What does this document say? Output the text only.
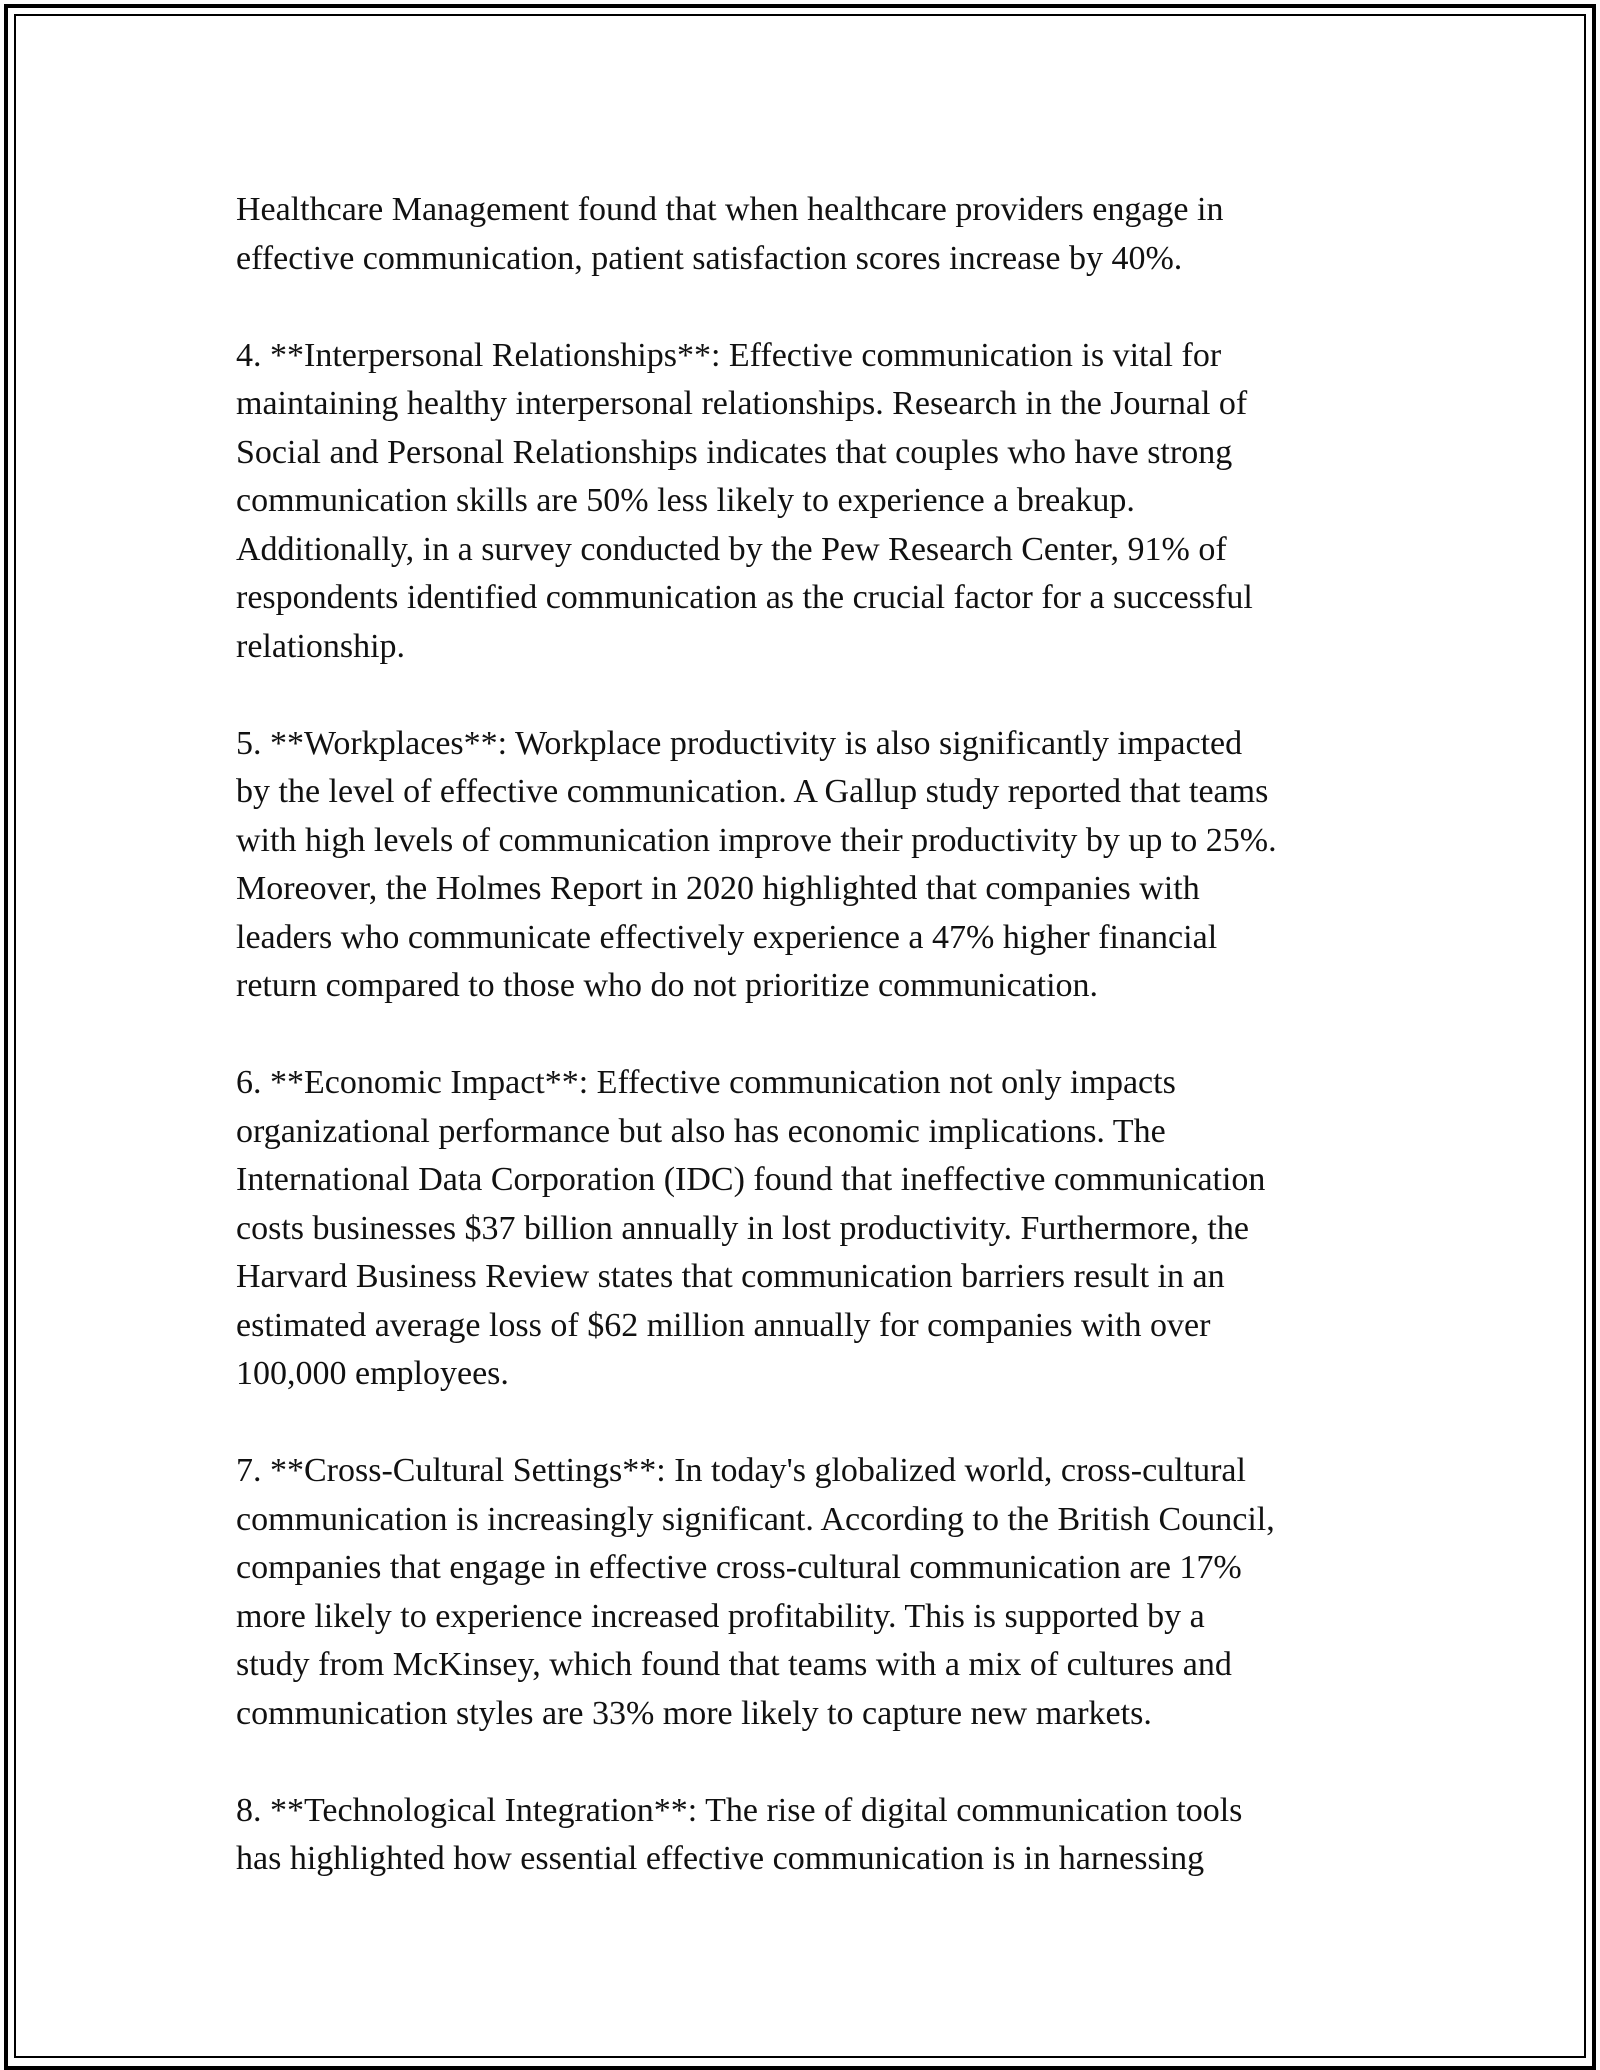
Healthcare Management found that when healthcare providers engage in
effective communication, patient satisfaction scores increase by 40%.
4. **Interpersonal Relationships**: Effective communication is vital for
maintaining healthy interpersonal relationships. Research in the Journal of
Social and Personal Relationships indicates that couples who have strong
communication skills are 50% less likely to experience a breakup.
Additionally, in a survey conducted by the Pew Research Center, 91% of
respondents identified communication as the crucial factor for a successful
relationship.
5. **Workplaces**: Workplace productivity is also significantly impacted
by the level of effective communication. A Gallup study reported that teams
with high levels of communication improve their productivity by up to 25%.
Moreover, the Holmes Report in 2020 highlighted that companies with
leaders who communicate effectively experience a 47% higher financial
return compared to those who do not prioritize communication.
6. **Economic Impact**: Effective communication not only impacts
organizational performance but also has economic implications. The
International Data Corporation (IDC) found that ineffective communication
costs businesses $37 billion annually in lost productivity. Furthermore, the
Harvard Business Review states that communication barriers result in an
estimated average loss of $62 million annually for companies with over
100,000 employees.
7. **Cross-Cultural Settings**: In today's globalized world, cross-cultural
communication is increasingly significant. According to the British Council,
companies that engage in effective cross-cultural communication are 17%
more likely to experience increased profitability. This is supported by a
study from McKinsey, which found that teams with a mix of cultures and
communication styles are 33% more likely to capture new markets.
8. **Technological Integration**: The rise of digital communication tools
has highlighted how essential effective communication is in harnessing
